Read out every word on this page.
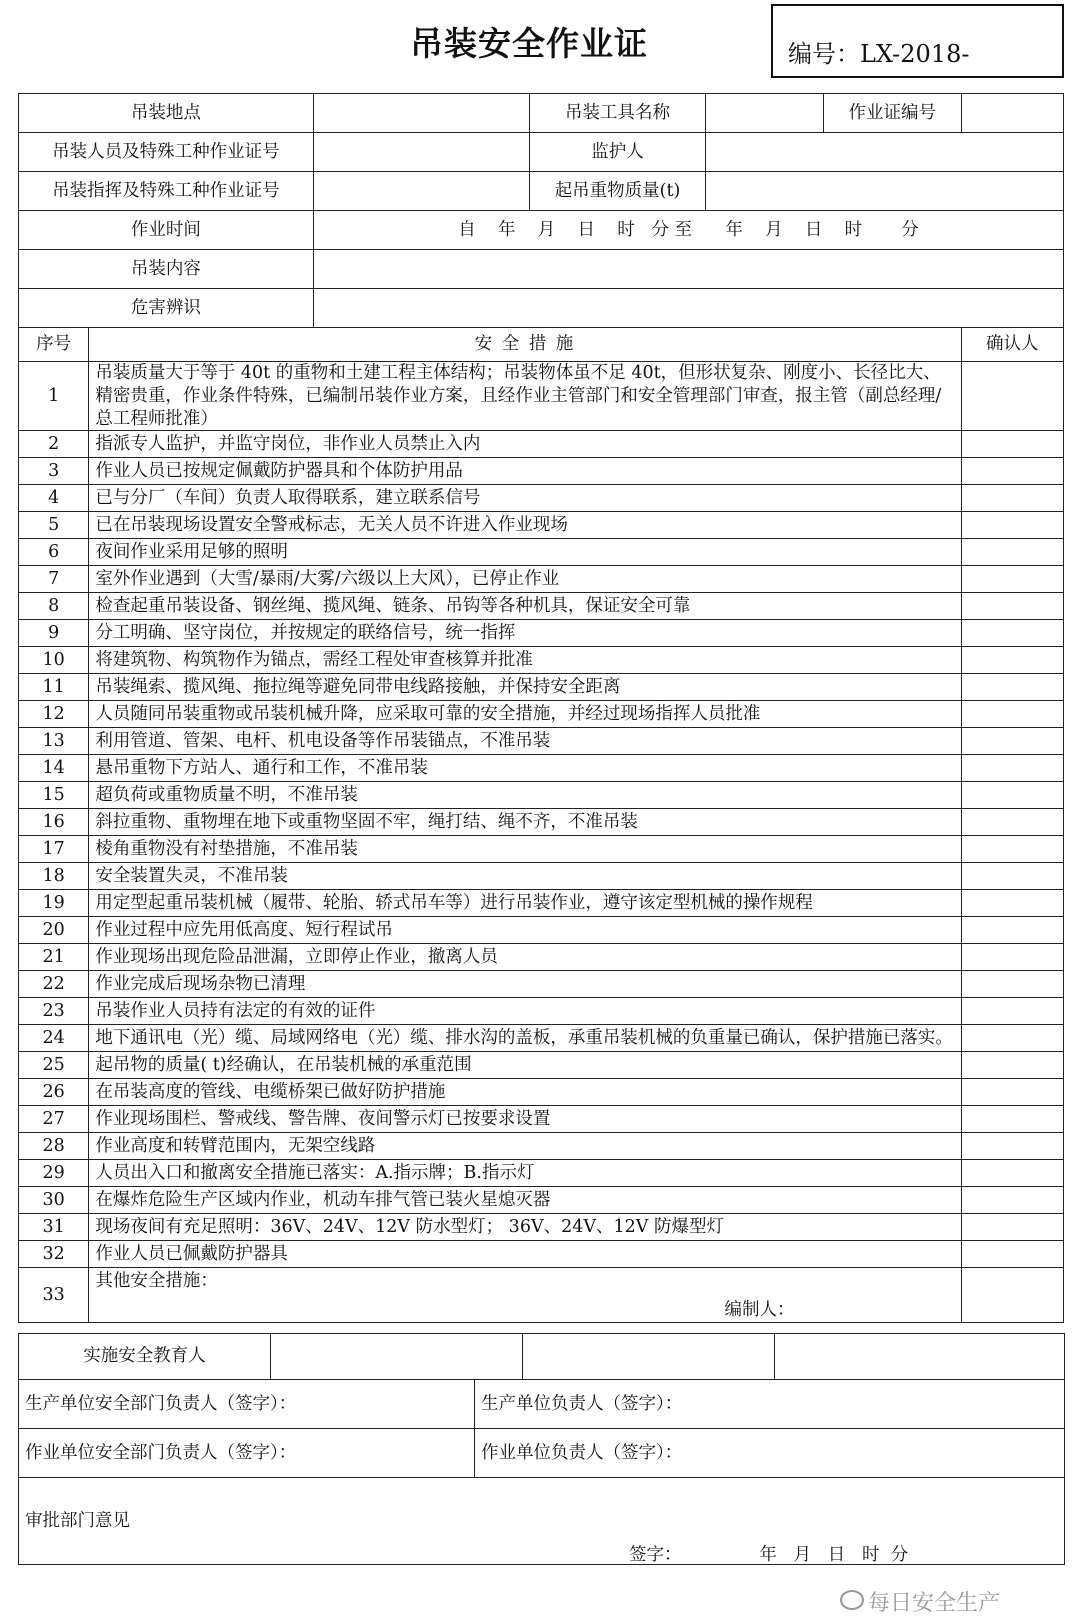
吊装安全作业证	编号：LX-2018-
吊装地点			吊装工具名称		作业证编号	
吊装人员及特殊工种作业证号			监护人			
吊装指挥及特殊工种作业证号			起吊重物质量(t)			
作业时间		自    年    月    日    时   分 至      年    月    日    时       分				
吊装内容						
危害辨识						
序号	安 全 措 施					确认人
1	吊装质量大于等于 40t 的重物和土建工程主体结构；吊装物体虽不足 40t，但形状复杂、刚度小、长径比大、精密贵重，作业条件特殊，已编制吊装作业方案，且经作业主管部门和安全管理部门审查，报主管（副总经理/总工程师批准）					
2	指派专人监护，并监守岗位，非作业人员禁止入内					
3	作业人员已按规定佩戴防护器具和个体防护用品					
4	已与分厂（车间）负责人取得联系，建立联系信号					
5	已在吊装现场设置安全警戒标志，无关人员不许进入作业现场					
6	夜间作业采用足够的照明					
7	室外作业遇到（大雪/暴雨/大雾/六级以上大风），已停止作业					
8	检查起重吊装设备、钢丝绳、揽风绳、链条、吊钩等各种机具，保证安全可靠					
9	分工明确、坚守岗位，并按规定的联络信号，统一指挥					
10	将建筑物、构筑物作为锚点，需经工程处审查核算并批准					
11	吊装绳索、揽风绳、拖拉绳等避免同带电线路接触，并保持安全距离					
12	人员随同吊装重物或吊装机械升降，应采取可靠的安全措施，并经过现场指挥人员批准					
13	利用管道、管架、电杆、机电设备等作吊装锚点，不准吊装					
14	悬吊重物下方站人、通行和工作，不准吊装					
15	超负荷或重物质量不明，不准吊装					
16	斜拉重物、重物埋在地下或重物坚固不牢，绳打结、绳不齐，不准吊装					
17	棱角重物没有衬垫措施，不准吊装					
18	安全装置失灵，不准吊装					
19	用定型起重吊装机械（履带、轮胎、轿式吊车等）进行吊装作业，遵守该定型机械的操作规程					
20	作业过程中应先用低高度、短行程试吊					
21	作业现场出现危险品泄漏，立即停止作业，撤离人员					
22	作业完成后现场杂物已清理					
23	吊装作业人员持有法定的有效的证件					
24	地下通讯电（光）缆、局域网络电（光）缆、排水沟的盖板，承重吊装机械的负重量已确认，保护措施已落实。					
25	起吊物的质量( t)经确认，在吊装机械的承重范围					
26	在吊装高度的管线、电缆桥架已做好防护措施					
27	作业现场围栏、警戒线、警告牌、夜间警示灯已按要求设置					
28	作业高度和转臂范围内，无架空线路					
29	人员出入口和撤离安全措施已落实：A.指示牌；B.指示灯					
30	在爆炸危险生产区域内作业，机动车排气管已装火星熄灭器					
31	现场夜间有充足照明：36V、24V、12V 防水型灯； 36V、24V、12V 防爆型灯					
32	作业人员已佩戴防护器具					
33	其他安全措施：
编制人：					

实施安全教育人			
生产单位安全部门负责人（签字）：	生产单位负责人（签字）：
作业单位安全部门负责人（签字）：	作业单位负责人（签字）：
审批部门意见
签字：              年   月   日   时  分	
每日安全生产
